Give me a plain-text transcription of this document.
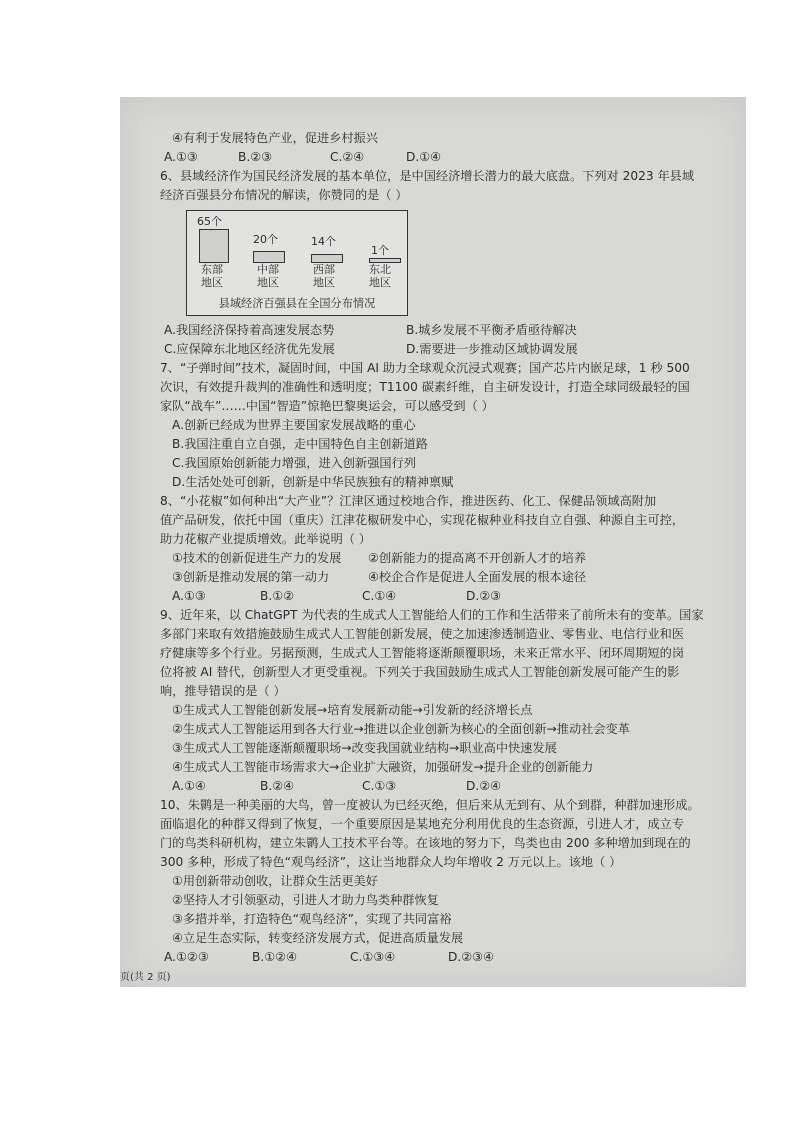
④有利于发展特色产业，促进乡村振兴
A.①③	B.②③	C.②④	D.①④
6、县域经济作为国民经济发展的基本单位，是中国经济增长潜力的最大底盘。下列对 2023 年县域
经济百强县分布情况的解读，你赞同的是（ ）
65个
东部
地区
20个
中部
地区
14个
西部
地区
1个
东北
地区
县域经济百强县在全国分布情况
A.我国经济保持着高速发展态势	B.城乡发展不平衡矛盾亟待解决
C.应保障东北地区经济优先发展	D.需要进一步推动区域协调发展
7、“子弹时间”技术，凝固时间，中国 AI 助力全球观众沉浸式观赛；国产芯片内嵌足球，1 秒 500
次识，有效提升裁判的准确性和透明度；T1100 碳素纤维，自主研发设计，打造全球同级最轻的国
家队“战车”……中国“智造”惊艳巴黎奥运会，可以感受到（ ）
A.创新已经成为世界主要国家发展战略的重心
B.我国注重自立自强，走中国特色自主创新道路
C.我国原始创新能力增强，进入创新强国行列
D.生活处处可创新，创新是中华民族独有的精神禀赋
8、“小花椒”如何种出“大产业”？江津区通过校地合作，推进医药、化工、保健品领域高附加
值产品研发，依托中国（重庆）江津花椒研发中心，实现花椒种业科技自立自强、种源自主可控，
助力花椒产业提质增效。此举说明（ ）
①技术的创新促进生产力的发展	②创新能力的提高离不开创新人才的培养
③创新是推动发展的第一动力	④校企合作是促进人全面发展的根本途径
A.①③	B.①②	C.①④	D.②③
9、近年来，以 ChatGPT 为代表的生成式人工智能给人们的工作和生活带来了前所未有的变革。国家
多部门来取有效措施鼓励生成式人工智能创新发展，使之加速渗透制造业、零售业、电信行业和医
疗健康等多个行业。另据预测，生成式人工智能将逐渐颠覆职场，未来正常水平、闭环周期短的岗
位将被 AI 替代，创新型人才更受重视。下列关于我国鼓励生成式人工智能创新发展可能产生的影
响，推导错误的是（ ）
①生成式人工智能创新发展→培育发展新动能→引发新的经济增长点
②生成式人工智能运用到各大行业→推进以企业创新为核心的全面创新→推动社会变革
③生成式人工智能逐渐颠覆职场→改变我国就业结构→职业高中快速发展
④生成式人工智能市场需求大→企业扩大融资，加强研发→提升企业的创新能力
A.①④	B.②④	C.①③	D.②④
10、朱鹮是一种美丽的大鸟，曾一度被认为已经灭绝，但后来从无到有、从个到群，种群加速形成。
面临退化的种群又得到了恢复，一个重要原因是某地充分利用优良的生态资源，引进人才，成立专
门的鸟类科研机构，建立朱鹮人工技术平台等。在该地的努力下，鸟类也由 200 多种增加到现在的
300 多种，形成了特色“观鸟经济”，这让当地群众人均年增收 2 万元以上。该地（ ）
①用创新带动创收，让群众生活更美好
②坚持人才引领驱动，引进人才助力鸟类种群恢复
③多措并举，打造特色“观鸟经济”，实现了共同富裕
④立足生态实际，转变经济发展方式，促进高质量发展
A.①②③	B.①②④	C.①③④	D.②③④
页(共 2 页)
